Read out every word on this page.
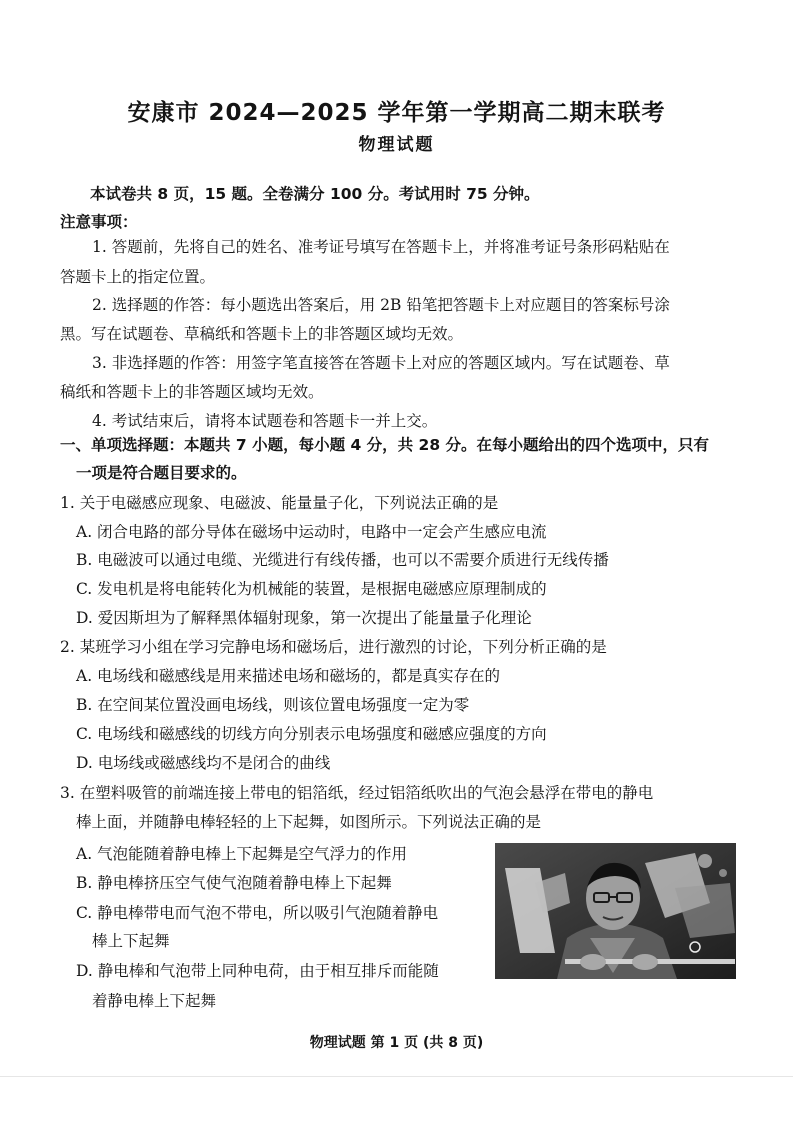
安康市 2024—2025 学年第一学期高二期末联考
物理试题
本试卷共 8 页，15 题。全卷满分 100 分。考试用时 75 分钟。
注意事项：
1. 答题前，先将自己的姓名、准考证号填写在答题卡上，并将准考证号条形码粘贴在
答题卡上的指定位置。
2. 选择题的作答：每小题选出答案后，用 2B 铅笔把答题卡上对应题目的答案标号涂
黑。写在试题卷、草稿纸和答题卡上的非答题区域均无效。
3. 非选择题的作答：用签字笔直接答在答题卡上对应的答题区域内。写在试题卷、草
稿纸和答题卡上的非答题区域均无效。
4. 考试结束后，请将本试题卷和答题卡一并上交。
一、单项选择题：本题共 7 小题，每小题 4 分，共 28 分。在每小题给出的四个选项中，只有
一项是符合题目要求的。
1. 关于电磁感应现象、电磁波、能量量子化，下列说法正确的是
A. 闭合电路的部分导体在磁场中运动时，电路中一定会产生感应电流
B. 电磁波可以通过电缆、光缆进行有线传播，也可以不需要介质进行无线传播
C. 发电机是将电能转化为机械能的装置，是根据电磁感应原理制成的
D. 爱因斯坦为了解释黑体辐射现象，第一次提出了能量量子化理论
2. 某班学习小组在学习完静电场和磁场后，进行激烈的讨论，下列分析正确的是
A. 电场线和磁感线是用来描述电场和磁场的，都是真实存在的
B. 在空间某位置没画电场线，则该位置电场强度一定为零
C. 电场线和磁感线的切线方向分别表示电场强度和磁感应强度的方向
D. 电场线或磁感线均不是闭合的曲线
3. 在塑料吸管的前端连接上带电的铝箔纸，经过铝箔纸吹出的气泡会悬浮在带电的静电
棒上面，并随静电棒轻轻的上下起舞，如图所示。下列说法正确的是
A. 气泡能随着静电棒上下起舞是空气浮力的作用
B. 静电棒挤压空气使气泡随着静电棒上下起舞
C. 静电棒带电而气泡不带电，所以吸引气泡随着静电
棒上下起舞
D. 静电棒和气泡带上同种电荷，由于相互排斥而能随
着静电棒上下起舞
物理试题 第 1 页 (共 8 页)
